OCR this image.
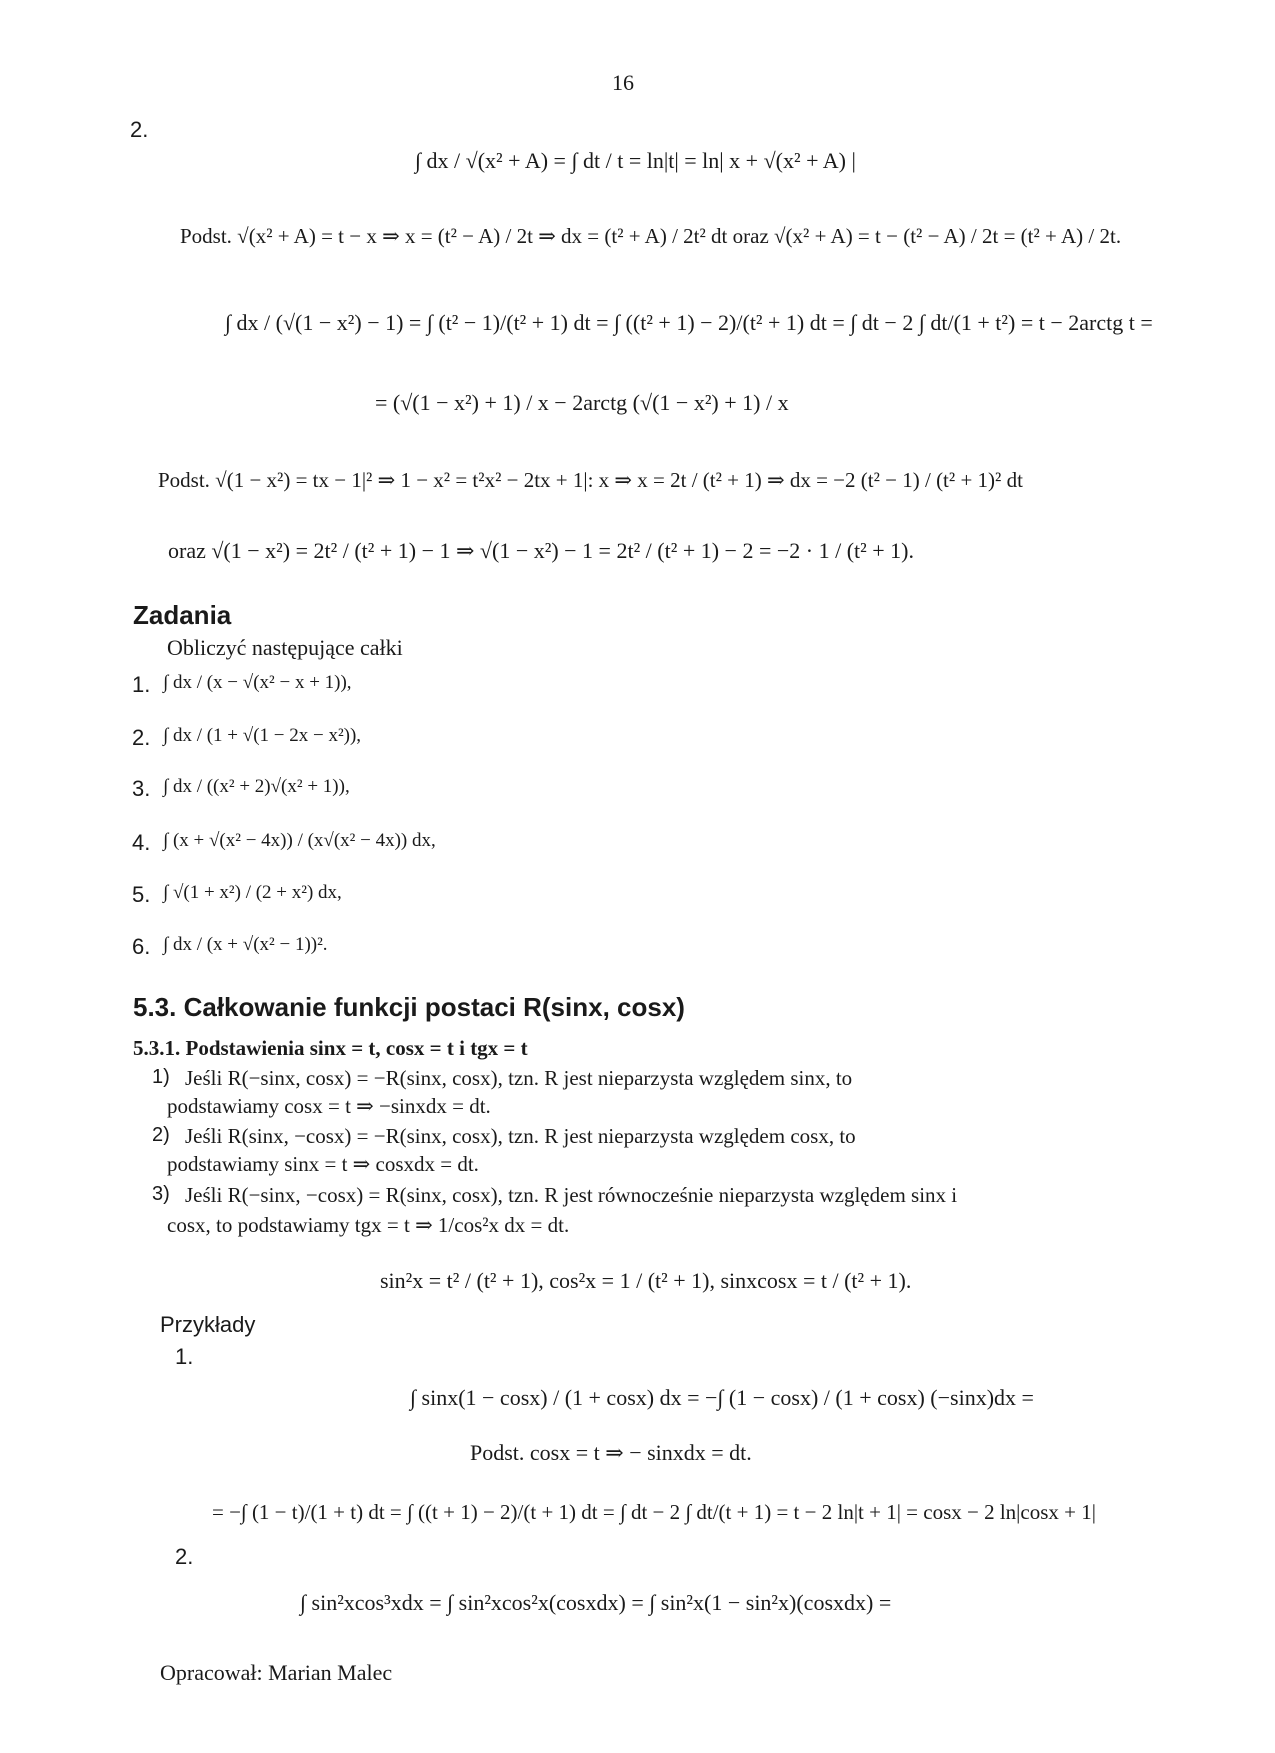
16
2.
∫ dx / √(x² + A) = ∫ dt / t = ln|t| = ln| x + √(x² + A) |
Podst. √(x² + A) = t − x ⇒ x = (t² − A) / 2t ⇒ dx = (t² + A) / 2t² dt oraz √(x² + A) = t − (t² − A) / 2t = (t² + A) / 2t.
∫ dx / (√(1 − x²) − 1) = ∫ (t² − 1)/(t² + 1) dt = ∫ ((t² + 1) − 2)/(t² + 1) dt = ∫ dt − 2 ∫ dt/(1 + t²) = t − 2arctg t =
= (√(1 − x²) + 1) / x − 2arctg (√(1 − x²) + 1) / x
Podst. √(1 − x²) = tx − 1|² ⇒ 1 − x² = t²x² − 2tx + 1|: x ⇒ x = 2t / (t² + 1) ⇒ dx = −2 (t² − 1) / (t² + 1)² dt
oraz √(1 − x²) = 2t² / (t² + 1) − 1 ⇒ √(1 − x²) − 1 = 2t² / (t² + 1) − 2 = −2 · 1 / (t² + 1).
Zadania
Obliczyć następujące całki
1. ∫ dx / (x − √(x² − x + 1)),
2. ∫ dx / (1 + √(1 − 2x − x²)),
3. ∫ dx / ((x² + 2)√(x² + 1)),
4. ∫ (x + √(x² − 4x)) / (x√(x² − 4x)) dx,
5. ∫ √(1 + x²) / (2 + x²) dx,
6. ∫ dx / (x + √(x² − 1))².
5.3. Całkowanie funkcji postaci R(sinx, cosx)
5.3.1. Podstawienia sinx = t, cosx = t i tgx = t
1) Jeśli R(−sinx, cosx) = −R(sinx, cosx), tzn. R jest nieparzysta względem sinx, to
podstawiamy cosx = t ⇒ −sinxdx = dt.
2) Jeśli R(sinx, −cosx) = −R(sinx, cosx), tzn. R jest nieparzysta względem cosx, to
podstawiamy sinx = t ⇒ cosxdx = dt.
3) Jeśli R(−sinx, −cosx) = R(sinx, cosx), tzn. R jest równocześnie nieparzysta względem sinx i
cosx, to podstawiamy tgx = t ⇒ 1/cos²x dx = dt.
sin²x = t² / (t² + 1), cos²x = 1 / (t² + 1), sinxcosx = t / (t² + 1).
Przykłady
1.
∫ sinx(1 − cosx) / (1 + cosx) dx = −∫ (1 − cosx) / (1 + cosx) (−sinx)dx =
Podst. cosx = t ⇒ − sinxdx = dt.
= −∫ (1 − t)/(1 + t) dt = ∫ ((t + 1) − 2)/(t + 1) dt = ∫ dt − 2 ∫ dt/(t + 1) = t − 2 ln|t + 1| = cosx − 2 ln|cosx + 1|
2.
∫ sin²xcos³xdx = ∫ sin²xcos²x(cosxdx) = ∫ sin²x(1 − sin²x)(cosxdx) =
Opracował: Marian Malec
